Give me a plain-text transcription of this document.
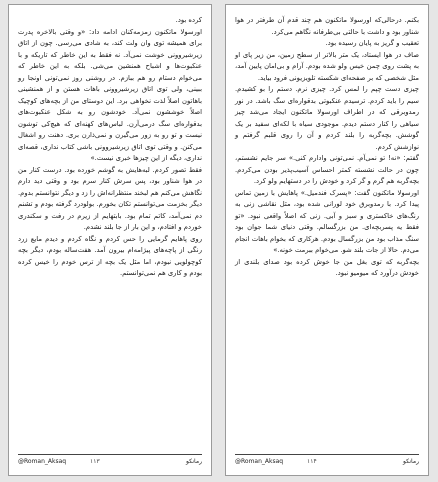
کرده بود.

اورسولا ماتکنون زمزمه‌کنان ادامه داد: «و وقتی بالاخره پدرت برای همیشه توی وان ولت کند، به شادی می‌رسی. چون از اتاق زیرشیروونی خوشت نمی‌آد. نه فقط به این خاطر که تاریکه و با عنکبوت‌ها و اشباح همنشین می‌شی. بلکه به این خاطر که می‌خوام دستام رو هم ببازم. در روشنی روز نمی‌تونی اونجا رو ببینی، ولی توی اتاق زیرشیروونی باهات هستن و از همنشینی باهاتون اصلاً لذت نخواهی برد. این دوستای من از بچه‌های کوچیک اصلاً خوششون نمی‌آد. خودشون رو به شکل عنکبوت‌های بدقواره‌ای سگ درمی‌آرن. لباس‌های کهنه‌ای که هیچ‌کی توشون نیست و تو رو به زور می‌گیرن و نمی‌ذارن بری. دهنت رو اشغال می‌کنن. و وقتی توی اتاق زیرشیروونی باشی کتاب نداری، قصه‌ای نداری، دیگه از این چیزها خبری نیست.»

فقط تصور کردم. لبه‌هایش به گوشم خورده بود. درست کنار من در هوا شناور بود، پس سرش کنار سرم بود و وقتی دید دارم نگاهش می‌کنم هم لبخند منتظرانه‌اش را زد و دیگر نتوانستم بدوم. دیگر بخزمت می‌توانستم تکان بخورم. بولودرد گرفته بودم و تشنم دم نمی‌آمد، کاتم تمام بود. بابتهایم از زیرم در رفت و سکندری خوردم و افتادم، و این بار از جا بلند نشدم.

روی پاهایم گرمایی را حس کردم و نگاه کردم و دیدم مایع زرد رنگی از پاچه‌های پیژامه‌ام بیرون آمد. هفت‌ساله بودم، دیگر بچه کوچولویی نبودم، اما مثل یک بچه از ترس خودم را خیس کرده بودم و کاری هم نمی‌توانستم.

@Roman_Aksaq	۱۱۳	رمانکو

بکنم. درحالی‌که اورسولا ماتکنون هم چند قدم آن طرفتر در هوا شناور بود و داشت با حالتی بی‌طرفانه نگاهم می‌کرد.

تعقیب و گریز به پایان رسیده بود.

صاف در هوا ایستاد، یک متر بالاتر از سطح زمین، من زیر پای او به پشت روی چمن خیس ولو شده بودم. آرام و بی‌امان پایین آمد، مثل شخصی که بر صفحه‌ای شکسته تلویزیونی فرود بیاید.

چیزی دست چپم را لمس کرد. چیزی نرم. دستم را بو کشیدم. سیم را باید کردم. ترسیدم عنکبوتی بدقواره‌ای سگ باشد. در نور رمدوبرقی که در اطراف اورسولا ماتکنون ایجاد می‌شد چیز سیاهی را کنار دستم دیدم. موجودی سیاه با لکه‌ای سفید بر یک گوشش. بچه‌گربه را بلند کردم و آن را روی قلبم گرفتم و نوازشش کردم.

گفتم: «نه! تو نمی‌آم. نمی‌تونی وادارم کنی.» سر جایم نشستم، چون در حالت نشسته کمتر احساس آسیب‌پذیر بودن می‌کردم. بچه‌گربه هم گرم و گر کرد و خودش را در دستهایم ولو کرد.

اورسولا ماتکنون گفت: «پسرک فندمیل.» پاهایش با زمین تماس پیدا کرد. با رمدوبرق خود لورانی شده بود، مثل نقاشی زنی به رنگ‌های خاکستری و سبز و آبی. زنی که اصلاً واقعی نبود. «تو فقط یه پسربچه‌ای. من بزرگسالم. وقتی دنیای شما جوان بود سنگ مذاب بود من بزرگسال بودم. هرکاری که بخوام باهات انجام می‌دم. حالا از جات بلند شو. می‌خوام ببرمت خونه.»

بچه‌گربه که توی بغل من جا خوش کرده بود صدای بلندی از خودش درآورد که میومیو نبود.

@Roman_Aksaq	۱۱۴	رمانکو
